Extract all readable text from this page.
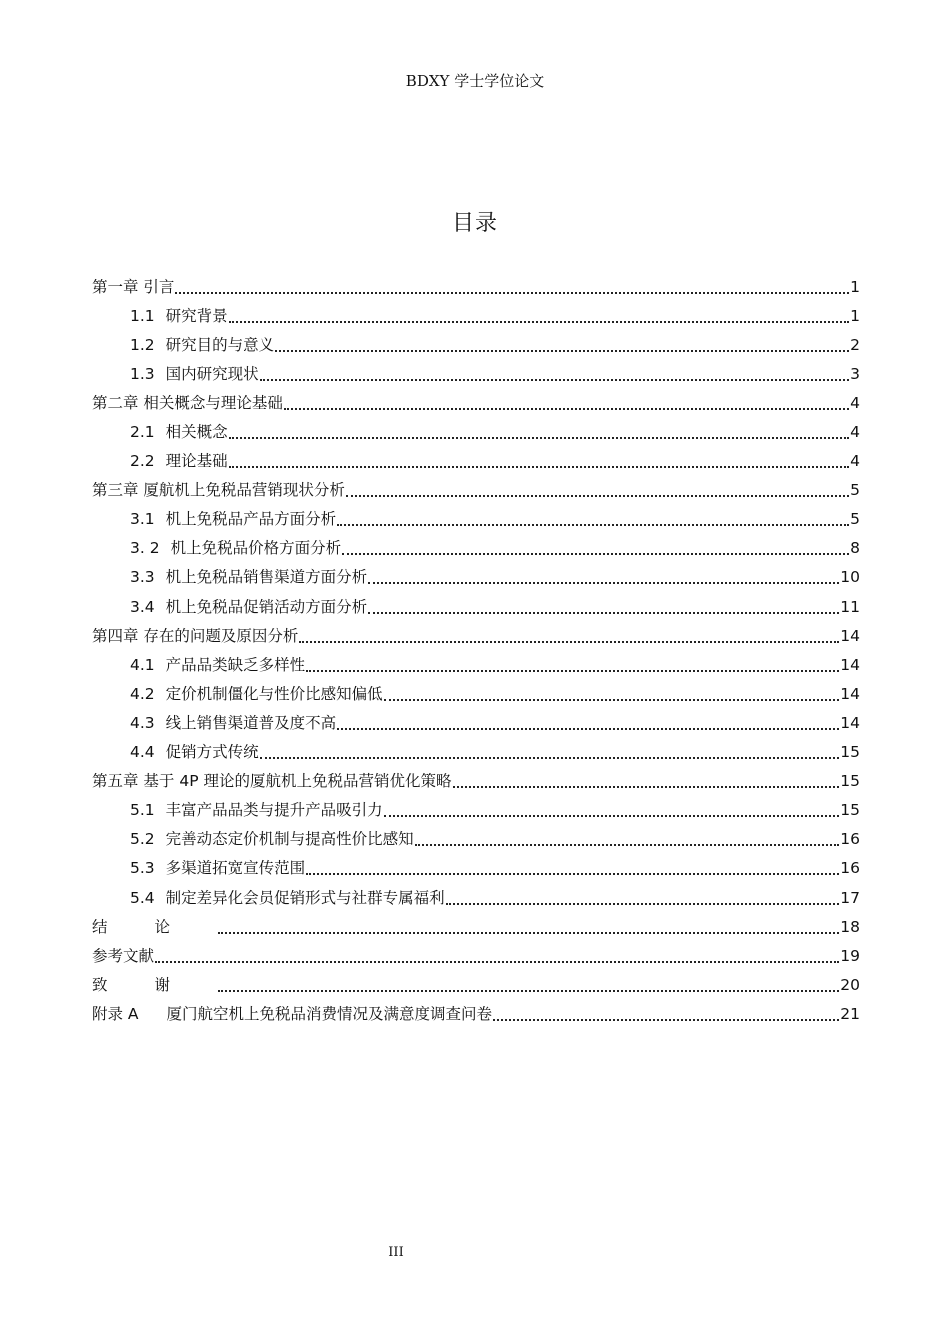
BDXY 学士学位论文
目录
第一章 引言	1
1.1 研究背景	1
1.2 研究目的与意义	2
1.3 国内研究现状	3
第二章 相关概念与理论基础	4
2.1 相关概念	4
2.2 理论基础	4
第三章 厦航机上免税品营销现状分析	5
3.1 机上免税品产品方面分析	5
3. 2 机上免税品价格方面分析	8
3.3 机上免税品销售渠道方面分析	10
3.4 机上免税品促销活动方面分析	11
第四章 存在的问题及原因分析	14
4.1 产品品类缺乏多样性	14
4.2 定价机制僵化与性价比感知偏低	14
4.3 线上销售渠道普及度不高	14
4.4 促销方式传统	15
第五章 基于 4P 理论的厦航机上免税品营销优化策略	15
5.1 丰富产品品类与提升产品吸引力	15
5.2 完善动态定价机制与提高性价比感知	16
5.3 多渠道拓宽宣传范围	16
5.4 制定差异化会员促销形式与社群专属福利	17
结论	18
参考文献	19
致谢	20
附录 A 厦门航空机上免税品消费情况及满意度调查问卷	21
III
